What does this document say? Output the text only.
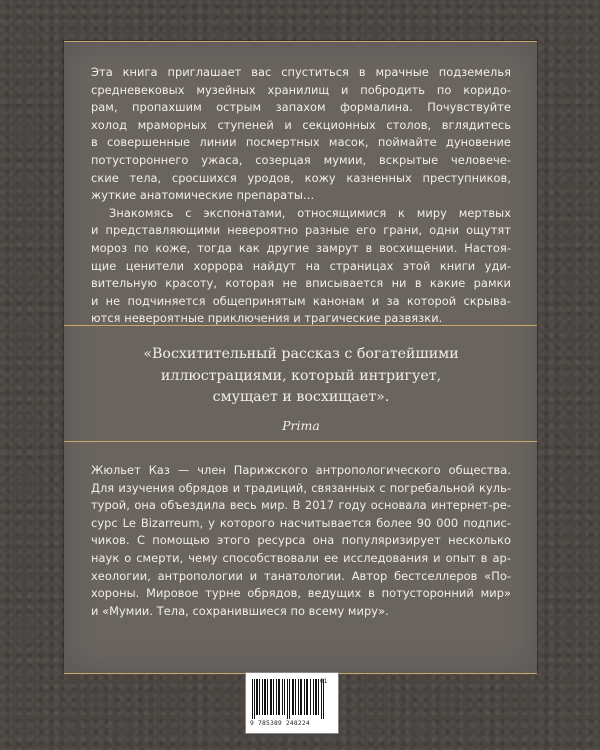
Эта книга приглашает вас спуститься в мрачные подземелья
средневековых музейных хранилищ и побродить по коридо-
рам, пропахшим острым запахом формалина. Почувствуйте
холод мраморных ступеней и секционных столов, вглядитесь
в совершенные линии посмертных масок, поймайте дуновение
потустороннего ужаса, созерцая мумии, вскрытые человече-
ские тела, сросшихся уродов, кожу казненных преступников,
жуткие анатомические препараты…
Знакомясь с экспонатами, относящимися к миру мертвых
и представляющими невероятно разные его грани, одни ощутят
мороз по коже, тогда как другие замрут в восхищении. Настоя-
щие ценители хоррора найдут на страницах этой книги уди-
вительную красоту, которая не вписывается ни в какие рамки
и не подчиняется общепринятым канонам и за которой скрыва-
ются невероятные приключения и трагические развязки.
«Восхитительный рассказ с богатейшими
иллюстрациями, который интригует,
смущает и восхищает».
Prima
Жюльет Каз — член Парижского антропологического общества.
Для изучения обрядов и традиций, связанных с погребальной куль-
турой, она объездила весь мир. В 2017 году основала интернет-ре-
сурс Le Bizarreum, у которого насчитывается более 90 000 подпис-
чиков. С помощью этого ресурса она популяризирует несколько
наук о смерти, чему способствовали ее исследования и опыт в ар-
хеологии, антропологии и танатологии. Автор бестселлеров «По-
хороны. Мировое турне обрядов, ведущих в потусторонний мир»
и «Мумии. Тела, сохранившиеся по всему миру».
01
9 785389 248224
